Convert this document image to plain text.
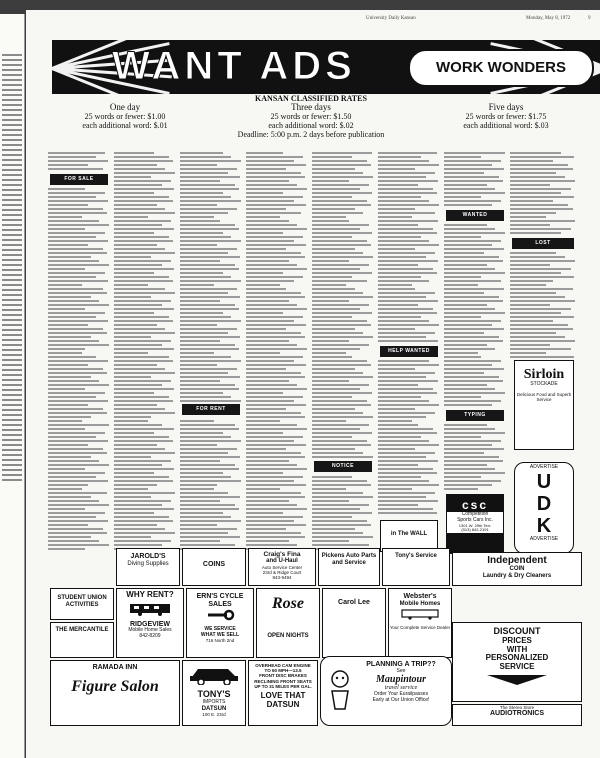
University Daily Kansan	Monday, May 8, 1972	9
WANT ADS	WORK WONDERS
KANSAN CLASSIFIED RATES
One day
25 words or fewer: $1.00
each additional word: $.01
Three days
25 words or fewer: $1.50
each additional word: $.02
Deadline: 5:00 p.m. 2 days before publication
Five days
25 words or fewer: $1.75
each additional word: $.03
FOR SALE
FOR RENT
NOTICE
HELP WANTED
in The WALL
WANTED
TYPING
csc
Competition
Sports Cars Inc.
1301 W. 29th Terr.
(913) 842-2191
LOST
Sirloin
STOCKADE
Delicious Food and Superb Service
ADVERTISE
U
D
K
ADVERTISE
JAROLD'S
Diving Supplies	COINS
Craig's Fina
and U-Haul
Auto Service Center
23rd & Ridge Court
843-9494
Pickens Auto Parts
and Service
Tony's Service	Independent
COIN
Laundry & Dry Cleaners
STUDENT UNION
ACTIVITIES
THE MERCANTILE
WHY RENT?
RIDGEVIEW
Mobile Home Sales
842-8209
ERN'S CYCLE
SALES
WE SERVICE
WHAT WE SELL
716 North 2nd
Rose
OPEN NIGHTS
Carol Lee
Webster's
Mobile Homes
Your Complete Service Dealer	DISCOUNT
PRICES
WITH
PERSONALIZED
SERVICE
RAMADA INN
Figure Salon	TONY'S
IMPORTS
DATSUN
100 E. 23rd
OVERHEAD CAM ENGINE
TO 60 MPH—13.5
FRONT DISC BRAKES
RECLINING FRONT SEATS
UP TO 31 MILES PER GAL.
LOVE THAT
DATSUN
PLANNING A TRIP??
See
Maupintour
travel service
Order Your Eurailpasses
Early at Our Union Office!
The Stereo Store
AUDIOTRONICS
